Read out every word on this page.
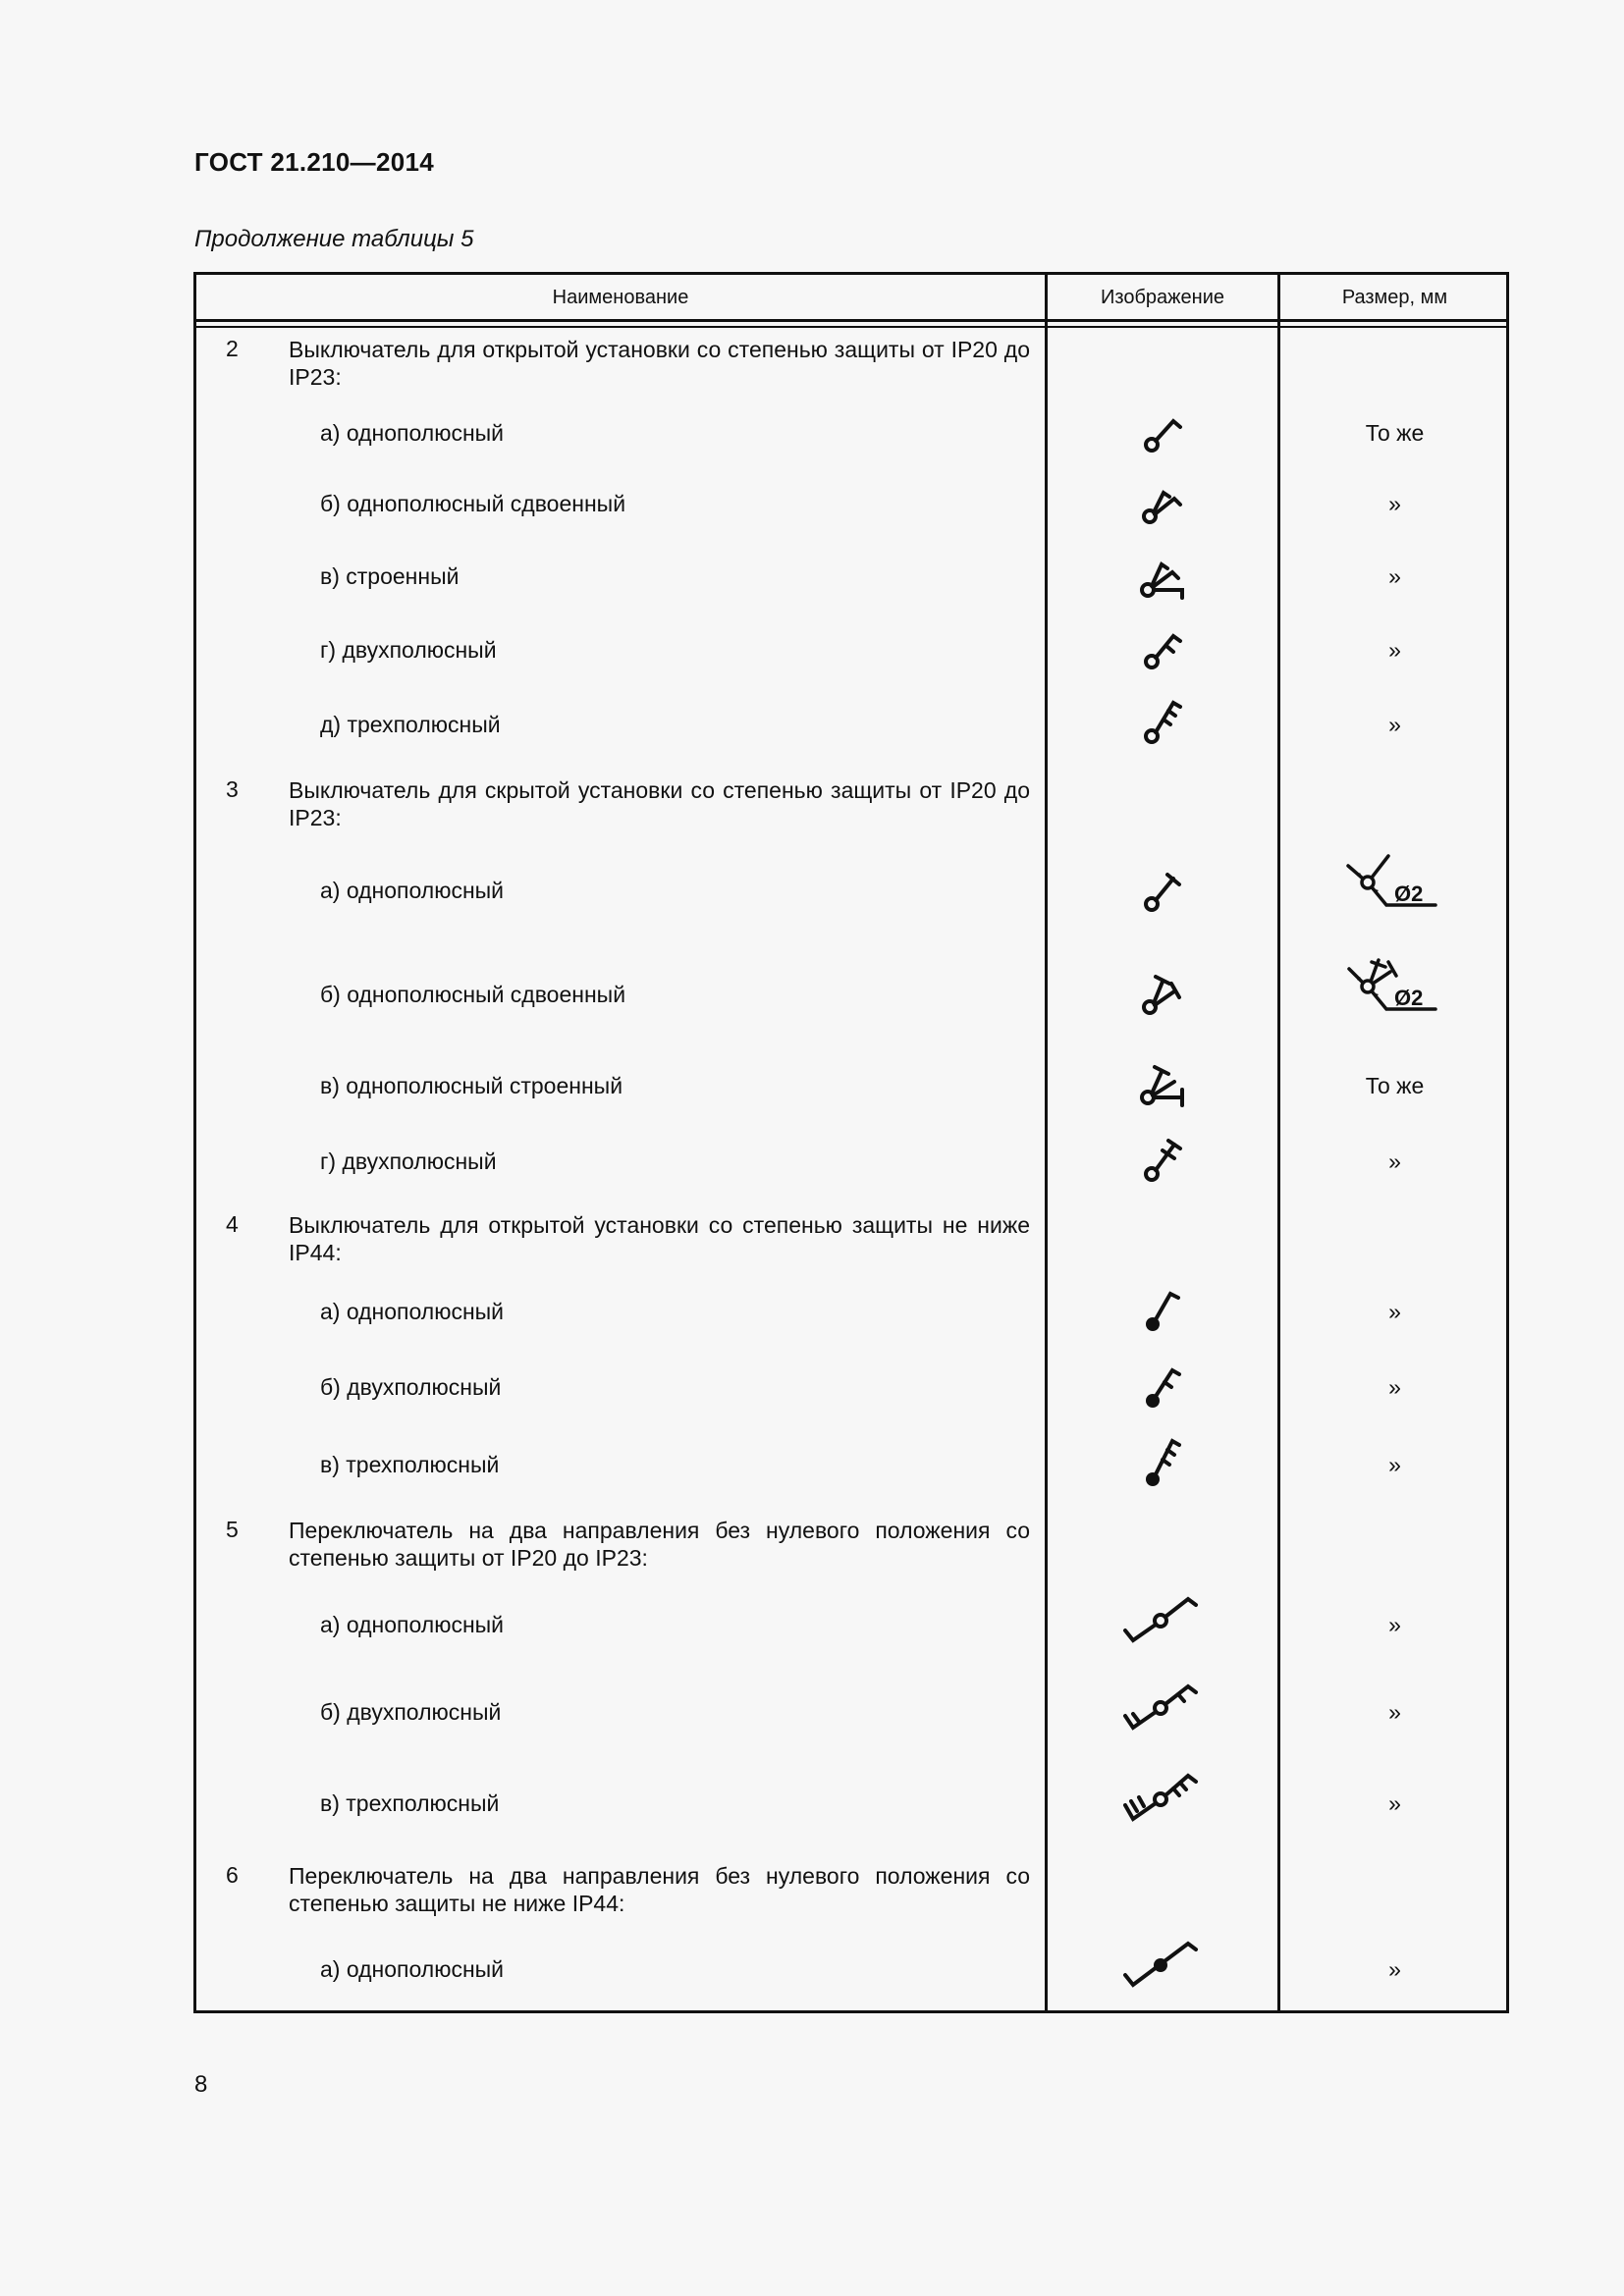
ГОСТ 21.210—2014
Продолжение таблицы 5
Наименование	Изображение	Размер, мм
2 Выключатель для открытой установки со степенью защиты от IP20 до IP23:
а) однополюсный	То же
б) однополюсный сдвоенный	»
в) строенный	»
г) двухполюсный	»
д) трехполюсный	»
3 Выключатель для скрытой установки со степенью защиты от IP20 до IP23:
а) однополюсный	Ø2
б) однополюсный сдвоенный	Ø2
в) однополюсный строенный	То же
г) двухполюсный	»
4 Выключатель для открытой установки со степенью защиты не ниже IP44:
а) однополюсный	»
б) двухполюсный	»
в) трехполюсный	»
5 Переключатель на два направления без нулевого положения со степенью защиты от IP20 до IP23:
а) однополюсный	»
б) двухполюсный	»
в) трехполюсный	»
6 Переключатель на два направления без нулевого положения со степенью защиты не ниже IP44:
а) однополюсный	»
8
